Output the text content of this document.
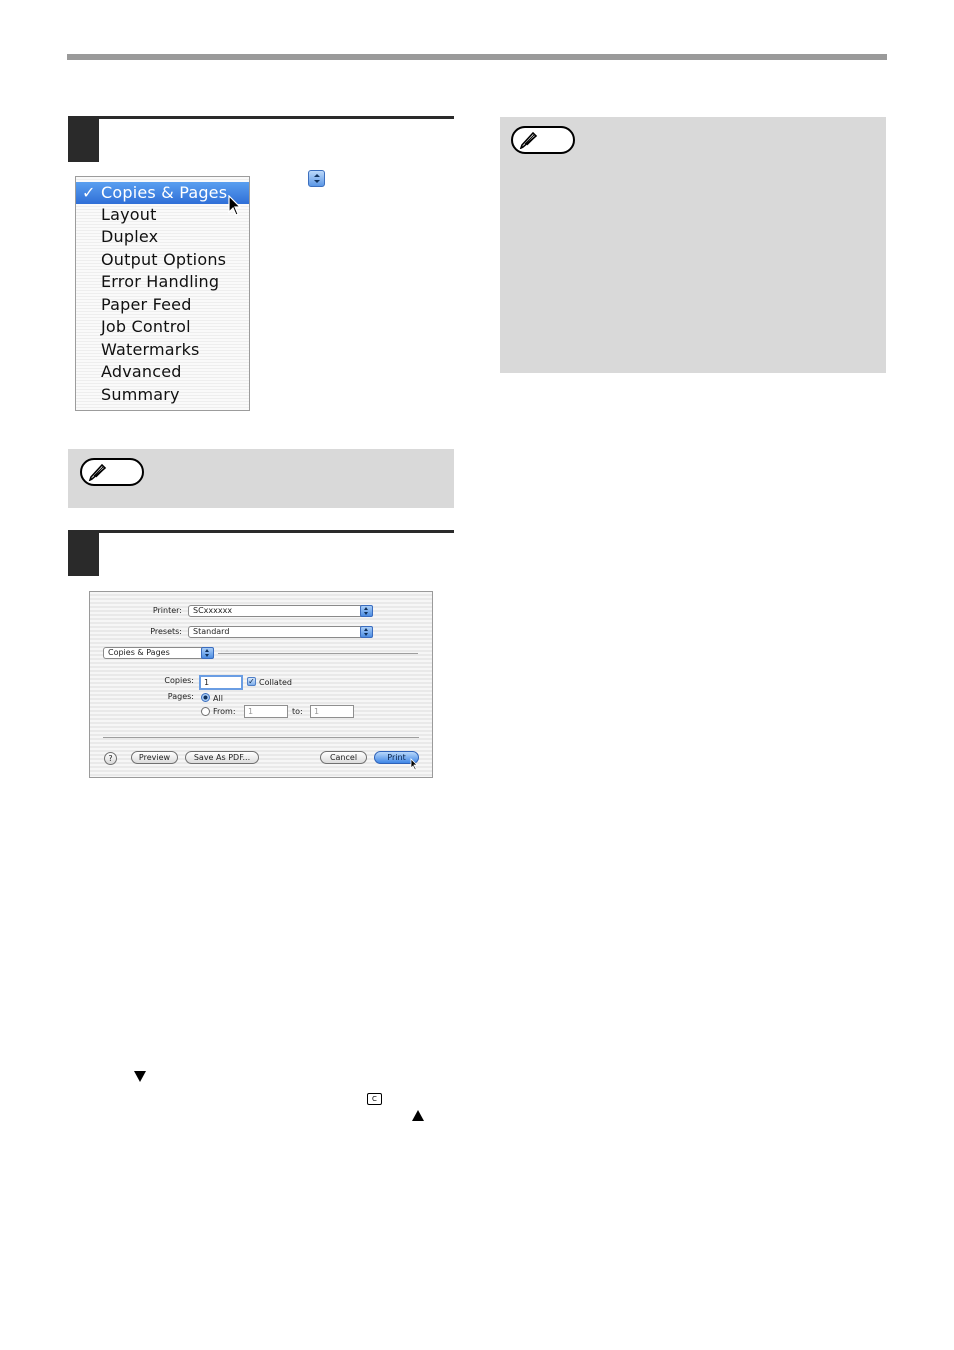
✓ Copies & Pages
Layout
Duplex
Output Options
Error Handling
Paper Feed
Job Control
Watermarks
Advanced
Summary
Printer:	SCxxxxxx
Presets:	Standard
Copies & Pages
Copies:	1	✓ Collated
Pages: All
From:	1	to:	1
?	Preview	Save As PDF...	Cancel	Print
C
